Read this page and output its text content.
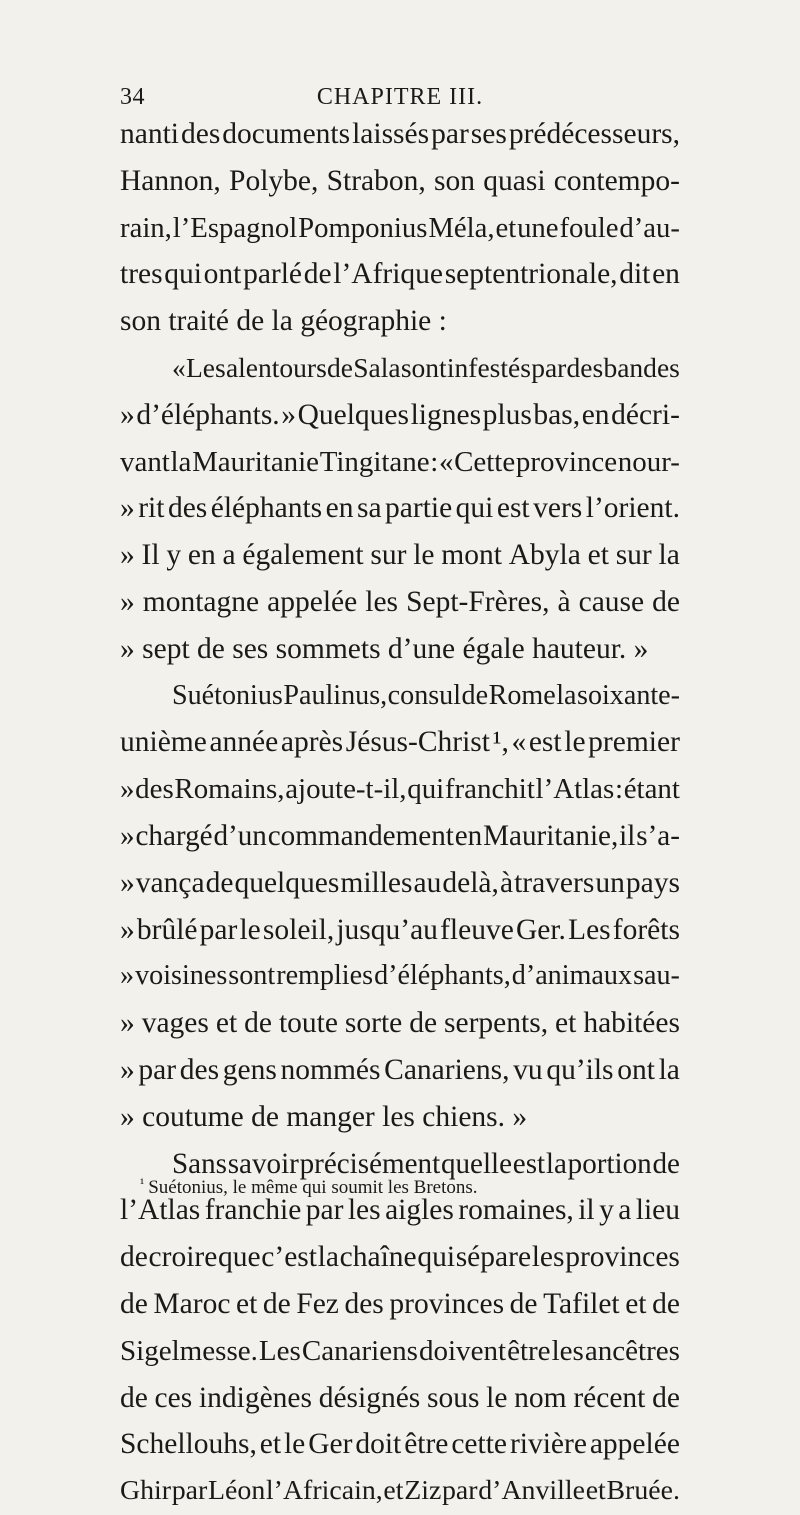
34	CHAPITRE III.
nanti des documents laissés par ses prédécesseurs,
Hannon, Polybe, Strabon, son quasi contempo-
rain, l’Espagnol Pomponius Méla, et une foule d’au-
tres qui ont parlé de l’Afrique septentrionale, dit en
son traité de la géographie :
« Les alentours de Sala sont infestés par des bandes
» d’éléphants. » Quelques lignes plus bas, en décri-
vant la Mauritanie Tingitane : « Cette province nour-
» rit des éléphants en sa partie qui est vers l’orient.
» Il y en a également sur le mont Abyla et sur la
» montagne appelée les Sept-Frères, à cause de
» sept de ses sommets d’une égale hauteur. »
Suétonius Paulinus, consul de Rome la soixante-
unième année après Jésus-Christ ¹, « est le premier
» des Romains, ajoute-t-il, qui franchit l’Atlas : étant
» chargé d’un commandement en Mauritanie, il s’a-
» vança de quelques milles au delà, à travers un pays
» brûlé par le soleil, jusqu’au fleuve Ger. Les forêts
» voisines sont remplies d’éléphants, d’animaux sau-
» vages et de toute sorte de serpents, et habitées
» par des gens nommés Canariens, vu qu’ils ont la
» coutume de manger les chiens. »
Sans savoir précisément quelle est la portion de
l’Atlas franchie par les aigles romaines, il y a lieu
de croire que c’est la chaîne qui sépare les provinces
de Maroc et de Fez des provinces de Tafilet et de
Sigelmesse. Les Canariens doivent être les ancêtres
de ces indigènes désignés sous le nom récent de
Schellouhs, et le Ger doit être cette rivière appelée
Ghir par Léon l’Africain, et Ziz par d’Anville et Bruée.
$^{^1}$ Suétonius, le même qui soumit les Bretons.
